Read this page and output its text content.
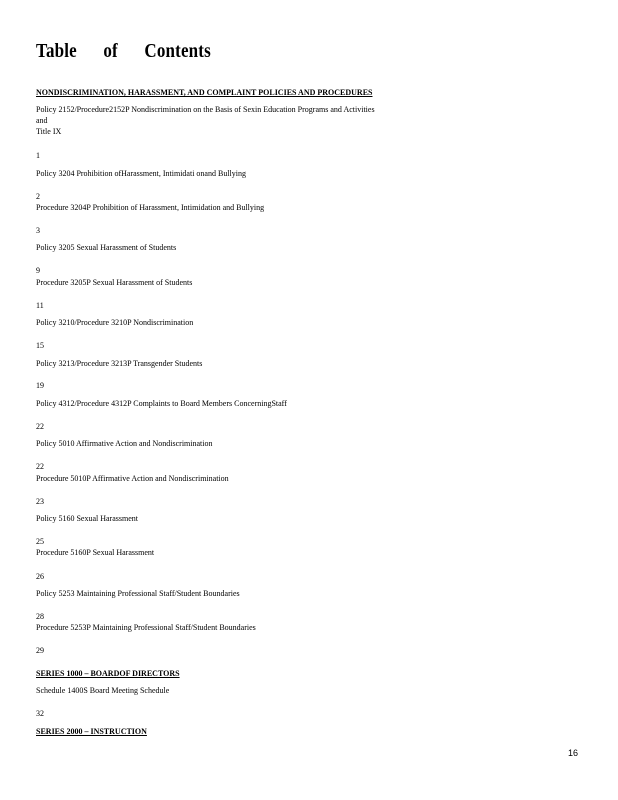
Table of Contents
NONDISCRIMINATION, HARASSMENT, AND COMPLAINT POLICIES AND PROCEDURES
Policy 2152/Procedure2152P Nondiscrimination on the Basis of Sexin Education Programs and Activities
and
Title IX
1
Policy 3204 Prohibition ofHarassment, Intimidati onand Bullying
2
Procedure 3204P Prohibition of Harassment, Intimidation and Bullying
3
Policy 3205 Sexual Harassment of Students
9
Procedure 3205P Sexual Harassment of Students
11
Policy 3210/Procedure 3210P Nondiscrimination
15
Policy 3213/Procedure 3213P Transgender Students
19
Policy 4312/Procedure 4312P Complaints to Board Members ConcerningStaff
22
Policy 5010 Affirmative Action and Nondiscrimination
22
Procedure 5010P Affirmative Action and Nondiscrimination
23
Policy 5160 Sexual Harassment
25
Procedure 5160P Sexual Harassment
26
Policy 5253 Maintaining Professional Staff/Student Boundaries
28
Procedure 5253P Maintaining Professional Staff/Student Boundaries
29
SERIES 1000 – BOARDOF DIRECTORS
Schedule 1400S Board Meeting Schedule
32
SERIES 2000 – INSTRUCTION
16
